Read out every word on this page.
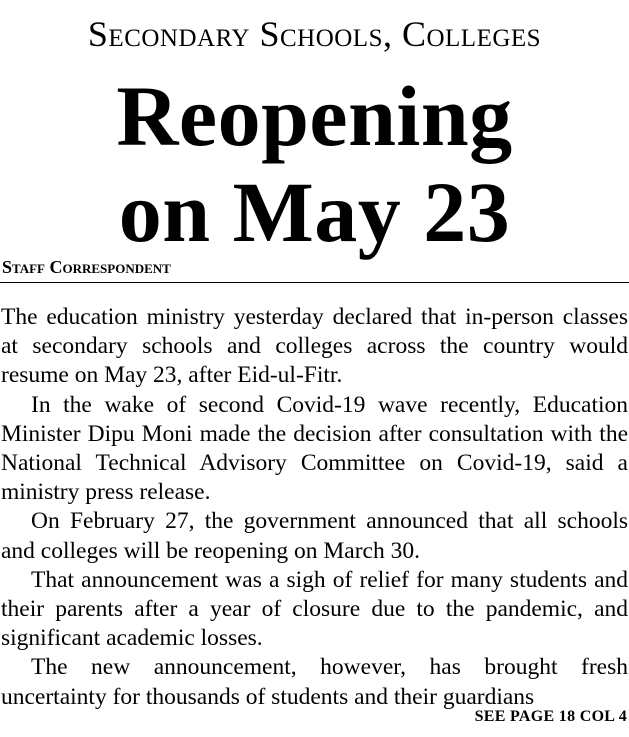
Secondary Schools, Colleges
Reopening
on May 23
Staff Correspondent

The education ministry yesterday declared that in-person classes at secondary schools and colleges across the country would resume on May 23, after Eid-ul-Fitr.

In the wake of second Covid-19 wave recently, Education Minister Dipu Moni made the decision after consultation with the National Technical Advisory Committee on Covid-19, said a ministry press release.

On February 27, the government announced that all schools and colleges will be reopening on March 30.

That announcement was a sigh of relief for many students and their parents after a year of closure due to the pandemic, and significant academic losses.

The new announcement, however, has brought fresh uncertainty for thousands of students and their guardians

SEE PAGE 18 COL 4
